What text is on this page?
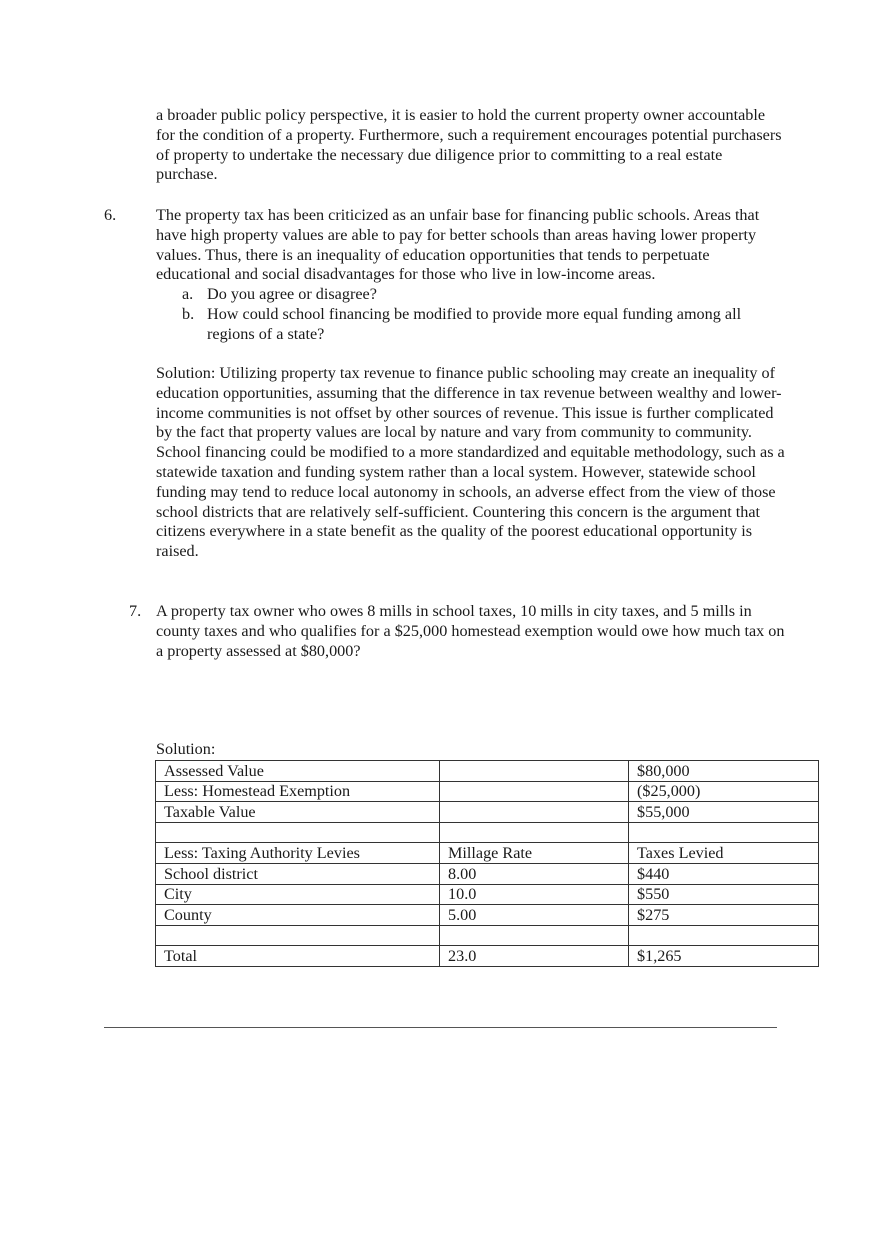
a broader public policy perspective, it is easier to hold the current property owner accountable for the condition of a property. Furthermore, such a requirement encourages potential purchasers of property to undertake the necessary due diligence prior to committing to a real estate purchase.

6. The property tax has been criticized as an unfair base for financing public schools. Areas that have high property values are able to pay for better schools than areas having lower property values. Thus, there is an inequality of education opportunities that tends to perpetuate educational and social disadvantages for those who live in low-income areas.

a. Do you agree or disagree?
b. How could school financing be modified to provide more equal funding among all regions of a state?

Solution: Utilizing property tax revenue to finance public schooling may create an inequality of education opportunities, assuming that the difference in tax revenue between wealthy and lower-income communities is not offset by other sources of revenue. This issue is further complicated by the fact that property values are local by nature and vary from community to community. School financing could be modified to a more standardized and equitable methodology, such as a statewide taxation and funding system rather than a local system. However, statewide school funding may tend to reduce local autonomy in schools, an adverse effect from the view of those school districts that are relatively self-sufficient. Countering this concern is the argument that citizens everywhere in a state benefit as the quality of the poorest educational opportunity is raised.

7. A property tax owner who owes 8 mills in school taxes, 10 mills in city taxes, and 5 mills in county taxes and who qualifies for a $25,000 homestead exemption would owe how much tax on a property assessed at $80,000?

Solution:
Assessed Value		$80,000
Less: Homestead Exemption		($25,000)
Taxable Value		$55,000

Less: Taxing Authority Levies	Millage Rate	Taxes Levied
School district	8.00	$440
City	10.0	$550
County	5.00	$275

Total	23.0	$1,265
